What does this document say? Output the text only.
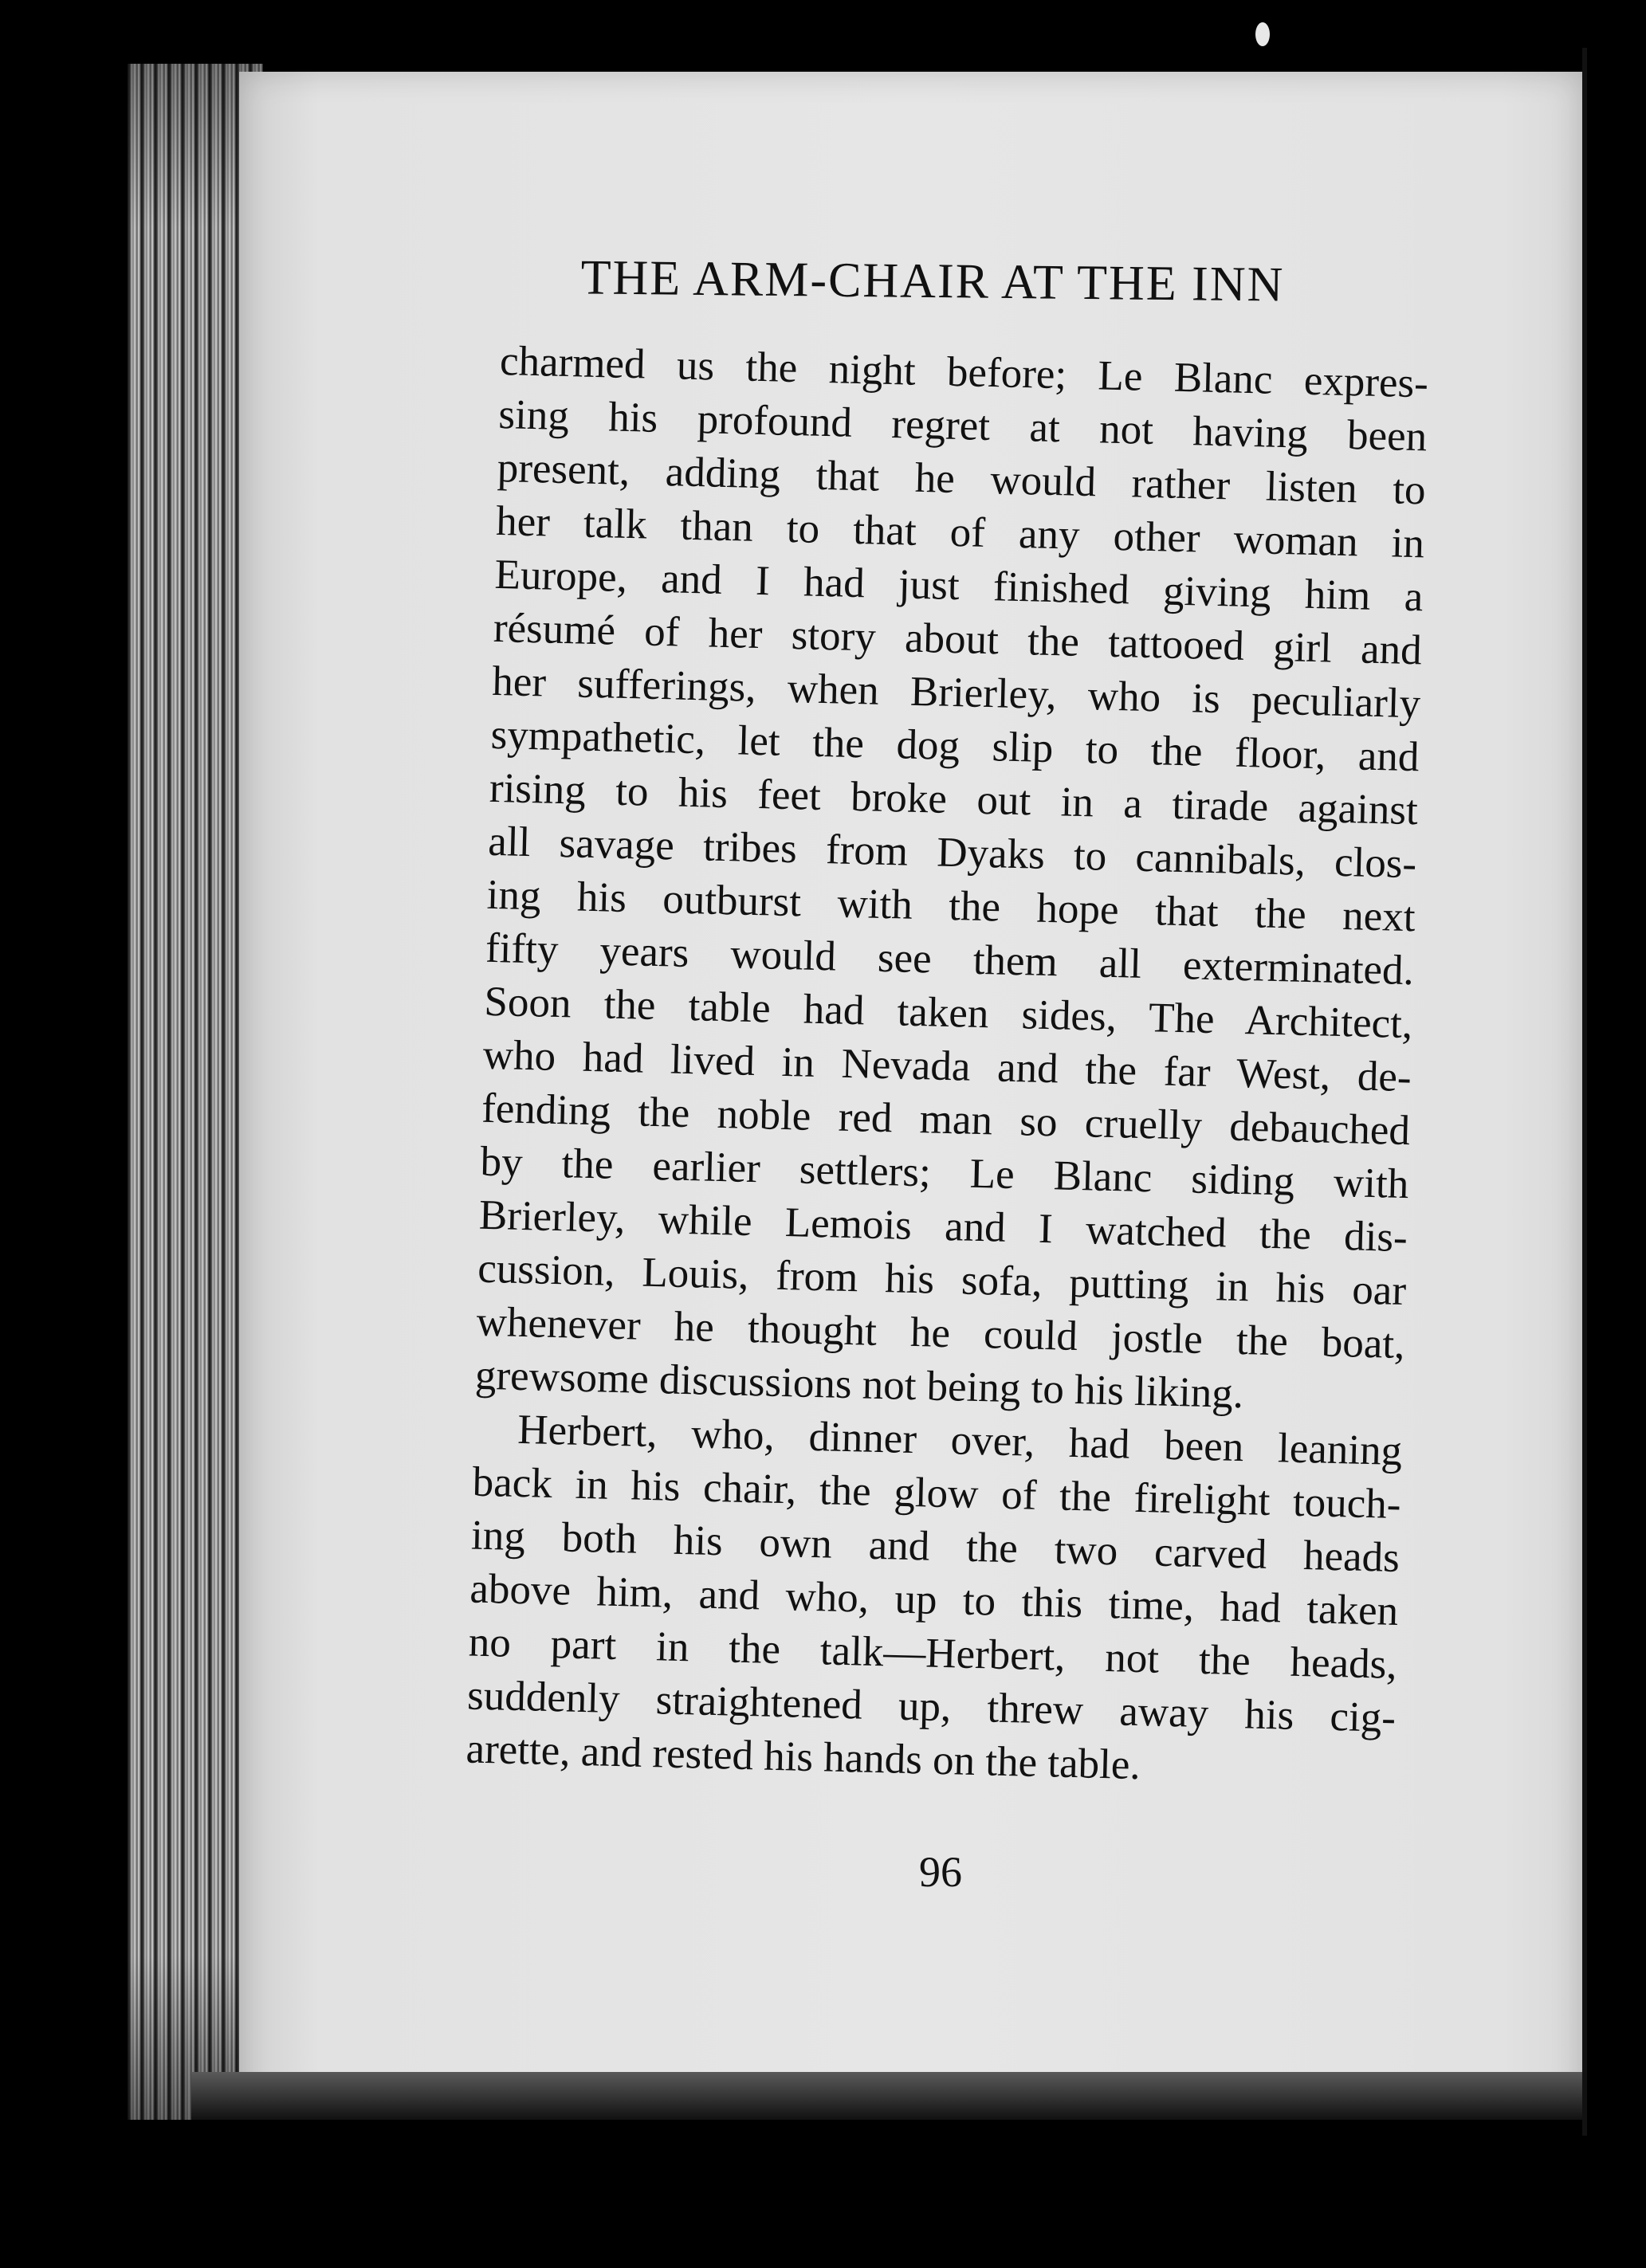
THE ARM-CHAIR AT THE INN
charmed us the night before; Le Blanc expres-
sing his profound regret at not having been
present, adding that he would rather listen to
her talk than to that of any other woman in
Europe, and I had just finished giving him a
résumé of her story about the tattooed girl and
her sufferings, when Brierley, who is peculiarly
sympathetic, let the dog slip to the floor, and
rising to his feet broke out in a tirade against
all savage tribes from Dyaks to cannibals, clos-
ing his outburst with the hope that the next
fifty years would see them all exterminated.
Soon the table had taken sides, The Architect,
who had lived in Nevada and the far West, de-
fending the noble red man so cruelly debauched
by the earlier settlers; Le Blanc siding with
Brierley, while Lemois and I watched the dis-
cussion, Louis, from his sofa, putting in his oar
whenever he thought he could jostle the boat,
grewsome discussions not being to his liking.
Herbert, who, dinner over, had been leaning
back in his chair, the glow of the firelight touch-
ing both his own and the two carved heads
above him, and who, up to this time, had taken
no part in the talk—Herbert, not the heads,
suddenly straightened up, threw away his cig-
arette, and rested his hands on the table.
96
